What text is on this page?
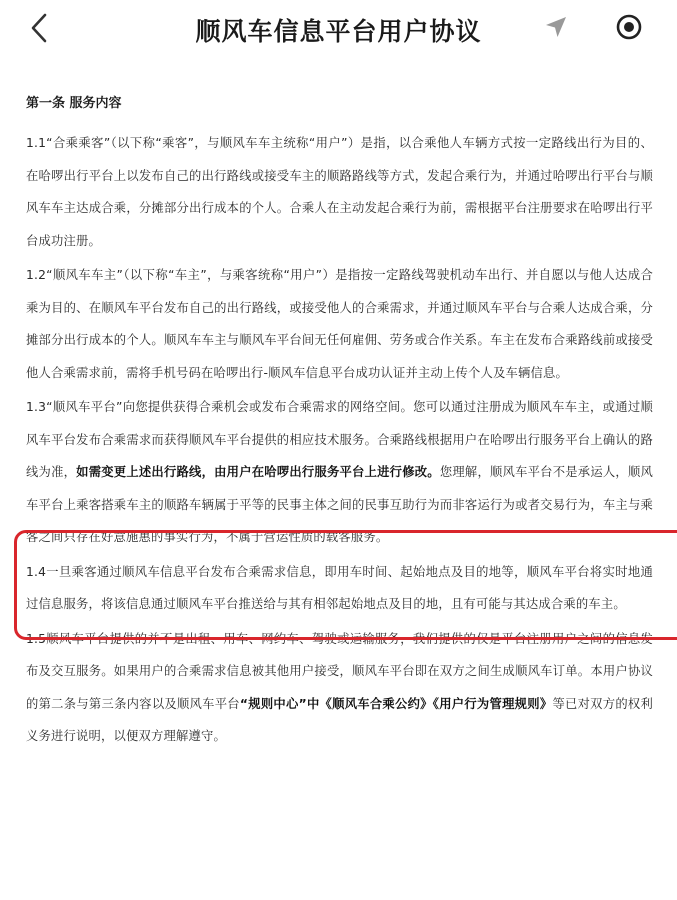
顺风车信息平台用户协议
第一条 服务内容

1.1“合乘乘客”（以下称“乘客”，与顺风车车主统称“用户”）是指，以合乘他人车辆方式按一定路线出行为目的、在哈啰出行平台上以发布自己的出行路线或接受车主的顺路路线等方式，发起合乘行为，并通过哈啰出行平台与顺风车车主达成合乘，分摊部分出行成本的个人。合乘人在主动发起合乘行为前，需根据平台注册要求在哈啰出行平台成功注册。

1.2“顺风车车主”（以下称“车主”，与乘客统称“用户”）是指按一定路线驾驶机动车出行、并自愿以与他人达成合乘为目的、在顺风车平台发布自己的出行路线，或接受他人的合乘需求，并通过顺风车平台与合乘人达成合乘，分摊部分出行成本的个人。顺风车车主与顺风车平台间无任何雇佣、劳务或合作关系。车主在发布合乘路线前或接受他人合乘需求前，需将手机号码在哈啰出行-顺风车信息平台成功认证并主动上传个人及车辆信息。

1.3“顺风车平台”向您提供获得合乘机会或发布合乘需求的网络空间。您可以通过注册成为顺风车车主，或通过顺风车平台发布合乘需求而获得顺风车平台提供的相应技术服务。合乘路线根据用户在哈啰出行服务平台上确认的路线为准，如需变更上述出行路线，由用户在哈啰出行服务平台上进行修改。您理解，顺风车平台不是承运人，顺风车平台上乘客搭乘车主的顺路车辆属于平等的民事主体之间的民事互助行为而非客运行为或者交易行为，车主与乘客之间只存在好意施惠的事实行为，不属于营运性质的载客服务。

1.4一旦乘客通过顺风车信息平台发布合乘需求信息，即用车时间、起始地点及目的地等，顺风车平台将实时地通过信息服务，将该信息通过顺风车平台推送给与其有相邻起始地点及目的地，且有可能与其达成合乘的车主。

1.5顺风车平台提供的并不是出租、用车、网约车、驾驶或运输服务，我们提供的仅是平台注册用户之间的信息发布及交互服务。如果用户的合乘需求信息被其他用户接受，顺风车平台即在双方之间生成顺风车订单。本用户协议的第二条与第三条内容以及顺风车平台“规则中心”中《顺风车合乘公约》《用户行为管理规则》等已对双方的权利义务进行说明，以便双方理解遵守。
